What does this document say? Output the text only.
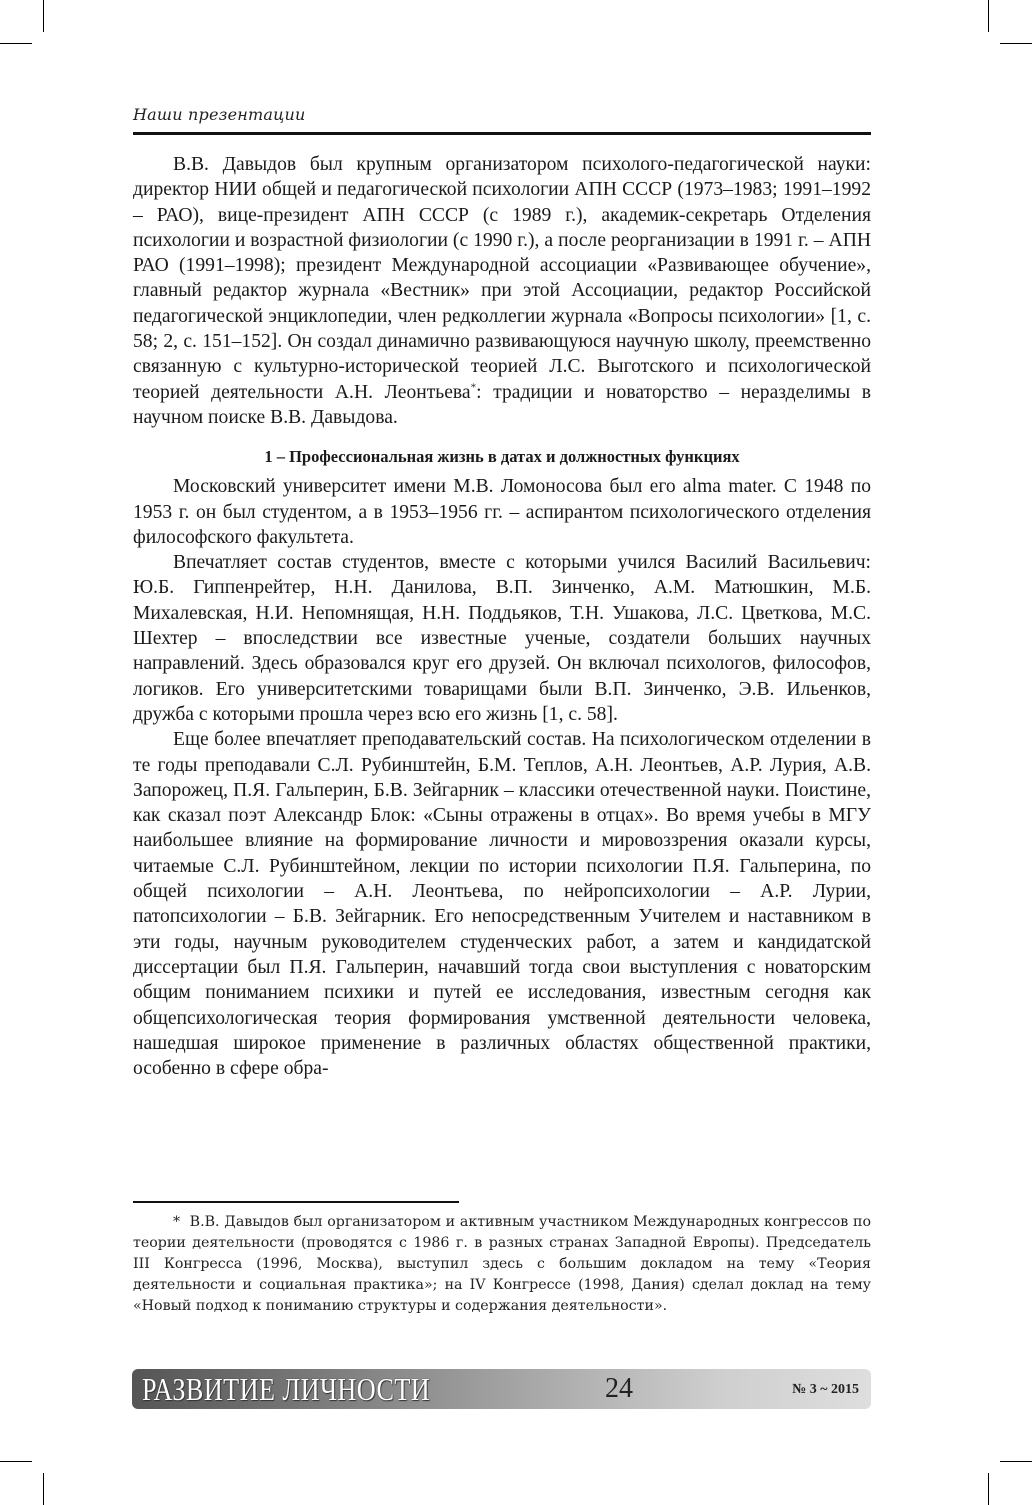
Наши презентации

В.В. Давыдов был крупным организатором психолого-педагогической науки: директор НИИ общей и педагогической психологии АПН СССР (1973–1983; 1991–1992 – РАО), вице-президент АПН СССР (с 1989 г.), академик-секретарь Отделения психологии и возрастной физиологии (с 1990 г.), а после реорганизации в 1991 г. – АПН РАО (1991–1998); президент Международной ассоциации «Развивающее обучение», главный редактор журнала «Вестник» при этой Ассоциации, редактор Российской педагогической энциклопедии, член редколлегии журнала «Вопросы психологии» [1, с. 58; 2, с. 151–152]. Он создал динамично развивающуюся научную школу, преемственно связанную с культурно-исторической теорией Л.С. Выготского и психологической теорией деятельности А.Н. Леонтьева*: традиции и новаторство – неразделимы в научном поиске В.В. Давыдова.

1 – Профессиональная жизнь в датах и должностных функциях

Московский университет имени М.В. Ломоносова был его alma mater. С 1948 по 1953 г. он был студентом, а в 1953–1956 гг. – аспирантом психологического отделения философского факультета.

Впечатляет состав студентов, вместе с которыми учился Василий Васильевич: Ю.Б. Гиппенрейтер, Н.Н. Данилова, В.П. Зинченко, А.М. Матюшкин, М.Б. Михалевская, Н.И. Непомнящая, Н.Н. Поддьяков, Т.Н. Ушакова, Л.С. Цветкова, М.С. Шехтер – впоследствии все известные ученые, создатели больших научных направлений. Здесь образовался круг его друзей. Он включал психологов, философов, логиков. Его университетскими товарищами были В.П. Зинченко, Э.В. Ильенков, дружба с которыми прошла через всю его жизнь [1, с. 58].

Еще более впечатляет преподавательский состав. На психологическом отделении в те годы преподавали С.Л. Рубинштейн, Б.М. Теплов, А.Н. Леонтьев, А.Р. Лурия, А.В. Запорожец, П.Я. Гальперин, Б.В. Зейгарник – классики отечественной науки. Поистине, как сказал поэт Александр Блок: «Сыны отражены в отцах». Во время учебы в МГУ наибольшее влияние на формирование личности и мировоззрения оказали курсы, читаемые С.Л. Рубинштейном, лекции по истории психологии П.Я. Гальперина, по общей психологии – А.Н. Леонтьева, по нейропсихологии – А.Р. Лурии, патопсихологии – Б.В. Зейгарник. Его непосредственным Учителем и наставником в эти годы, научным руководителем студенческих работ, а затем и кандидатской диссертации был П.Я. Гальперин, начавший тогда свои выступления с новаторским общим пониманием психики и путей ее исследования, известным сегодня как общепсихологическая теория формирования умственной деятельности человека, нашедшая широкое применение в различных областях общественной практики, особенно в сфере обра-

* В.В. Давыдов был организатором и активным участником Международных конгрессов по теории деятельности (проводятся с 1986 г. в разных странах Западной Европы). Председатель III Конгресса (1996, Москва), выступил здесь с большим докладом на тему «Теория деятельности и социальная практика»; на IV Конгрессе (1998, Дания) сделал доклад на тему «Новый подход к пониманию структуры и содержания деятельности».

РАЗВИТИЕ ЛИЧНОСТИ	24	№ 3 ~ 2015
